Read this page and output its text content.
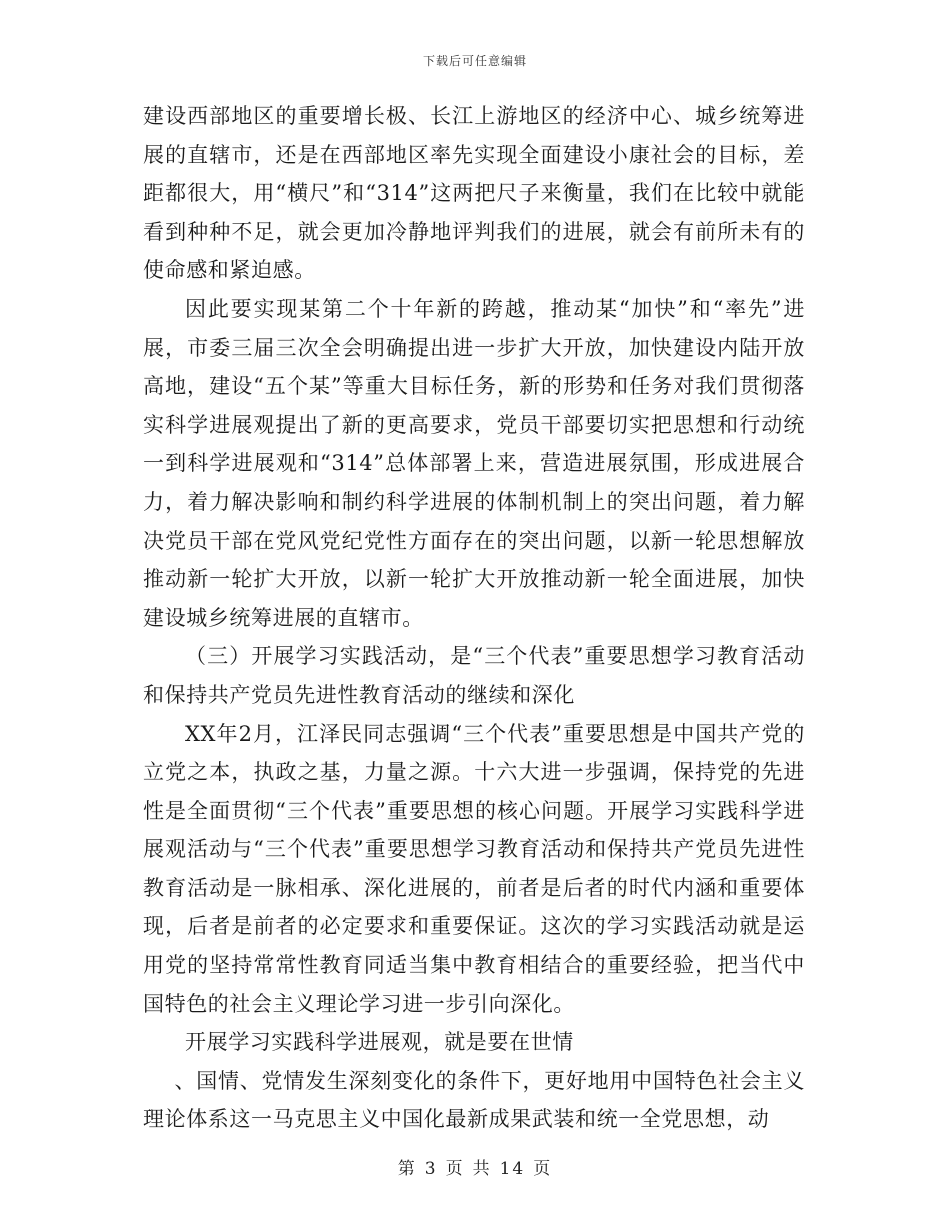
下载后可任意编辑

建设西部地区的重要增长极、长江上游地区的经济中心、城乡统筹进展的直辖市，还是在西部地区率先实现全面建设小康社会的目标，差距都很大，用“横尺”和“314”这两把尺子来衡量，我们在比较中就能看到种种不足，就会更加冷静地评判我们的进展，就会有前所未有的使命感和紧迫感。

因此要实现某第二个十年新的跨越，推动某“加快”和“率先”进展，市委三届三次全会明确提出进一步扩大开放，加快建设内陆开放高地，建设“五个某”等重大目标任务，新的形势和任务对我们贯彻落实科学进展观提出了新的更高要求，党员干部要切实把思想和行动统一到科学进展观和“314”总体部署上来，营造进展氛围，形成进展合力，着力解决影响和制约科学进展的体制机制上的突出问题，着力解决党员干部在党风党纪党性方面存在的突出问题，以新一轮思想解放推动新一轮扩大开放，以新一轮扩大开放推动新一轮全面进展，加快建设城乡统筹进展的直辖市。

（三）开展学习实践活动，是“三个代表”重要思想学习教育活动和保持共产党员先进性教育活动的继续和深化

XX年2月，江泽民同志强调“三个代表”重要思想是中国共产党的立党之本，执政之基，力量之源。十六大进一步强调，保持党的先进性是全面贯彻“三个代表”重要思想的核心问题。开展学习实践科学进展观活动与“三个代表”重要思想学习教育活动和保持共产党员先进性教育活动是一脉相承、深化进展的，前者是后者的时代内涵和重要体现，后者是前者的必定要求和重要保证。这次的学习实践活动就是运用党的坚持常常性教育同适当集中教育相结合的重要经验，把当代中国特色的社会主义理论学习进一步引向深化。

开展学习实践科学进展观，就是要在世情

、国情、党情发生深刻变化的条件下，更好地用中国特色社会主义理论体系这一马克思主义中国化最新成果武装和统一全党思想，动

第 3 页 共 14 页
